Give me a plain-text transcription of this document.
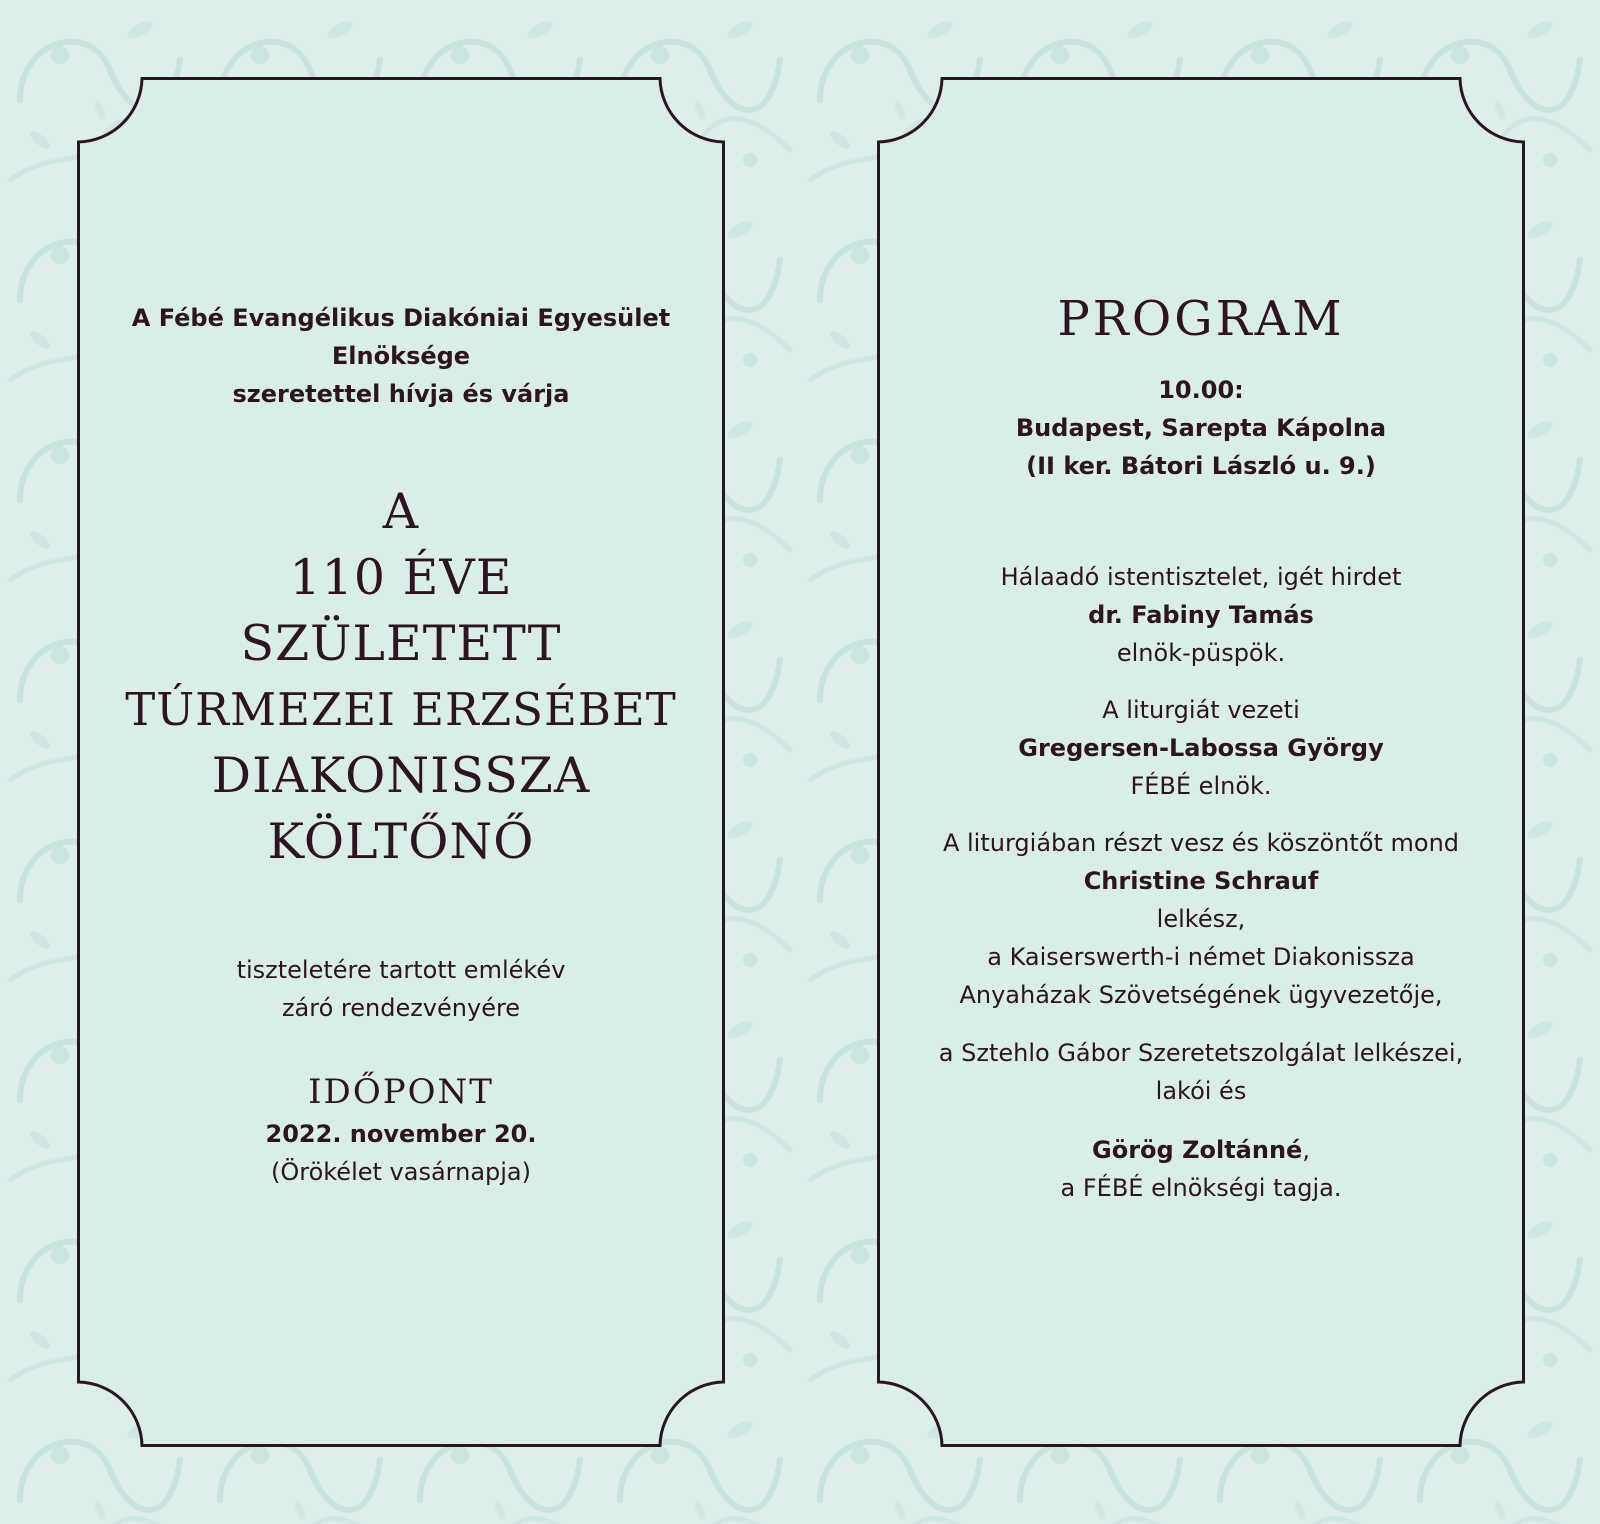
A Fébé Evangélikus Diakóniai Egyesület
Elnöksége
szeretettel hívja és várja
A
110 ÉVE
SZÜLETETT
TÚRMEZEI ERZSÉBET
DIAKONISSZA
KÖLTŐNŐ
tiszteletére tartott emlékév
záró rendezvényére
IDŐPONT
2022. november 20.
(Örökélet vasárnapja)
PROGRAM
10.00:
Budapest, Sarepta Kápolna
(II ker. Bátori László u. 9.)
Hálaadó istentisztelet, igét hirdet
dr. Fabiny Tamás
elnök-püspök.
A liturgiát vezeti
Gregersen-Labossa György
FÉBÉ elnök.
A liturgiában részt vesz és köszöntőt mond
Christine Schrauf
lelkész,
a Kaiserswerth-i német Diakonissza
Anyaházak Szövetségének ügyvezetője,
a Sztehlo Gábor Szeretetszolgálat lelkészei,
lakói és
Görög Zoltánné,
a FÉBÉ elnökségi tagja.
